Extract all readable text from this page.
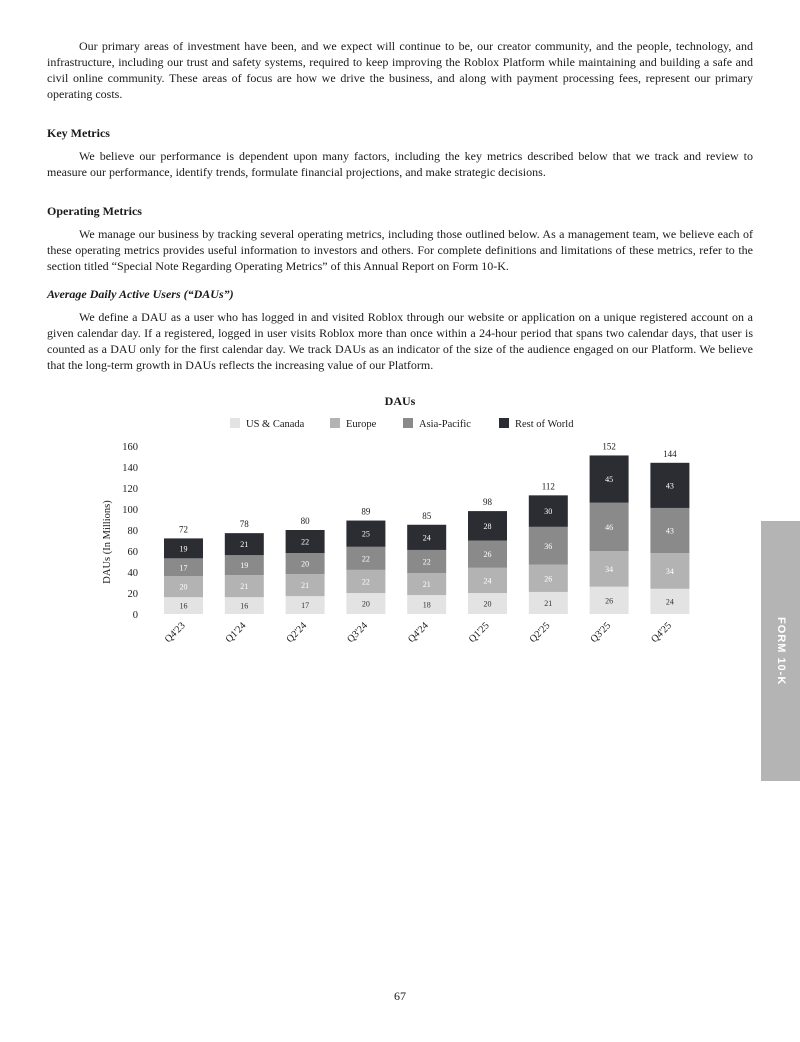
Our primary areas of investment have been, and we expect will continue to be, our creator community, and the people, technology, and infrastructure, including our trust and safety systems, required to keep improving the Roblox Platform while maintaining and building a safe and civil online community. These areas of focus are how we drive the business, and along with payment processing fees, represent our primary operating costs.

Key Metrics

We believe our performance is dependent upon many factors, including the key metrics described below that we track and review to measure our performance, identify trends, formulate financial projections, and make strategic decisions.

Operating Metrics

We manage our business by tracking several operating metrics, including those outlined below. As a management team, we believe each of these operating metrics provides useful information to investors and others. For complete definitions and limitations of these metrics, refer to the section titled “Special Note Regarding Operating Metrics” of this Annual Report on Form 10-K.

Average Daily Active Users (“DAUs”)

We define a DAU as a user who has logged in and visited Roblox through our website or application on a unique registered account on a given calendar day. If a registered, logged in user visits Roblox more than once within a 24-hour period that spans two calendar days, that user is counted as a DAU only for the first calendar day. We track DAUs as an indicator of the size of the audience engaged on our Platform. We believe that the long-term growth in DAUs reflects the increasing value of our Platform.

DAUs
US & Canada	Europe	Asia-Pacific	Rest of World
DAUs (In Millions)
0
20
40
60
80
100
120
140
160
16
20
17
19
72
Q4'23
16
21
19
21
78
Q1'24
17
21
20
22
80
Q2'24
20
22
22
25
89
Q3'24
18
21
22
24
85
Q4'24
20
24
26
28
98
Q1'25
21
26
36
30
112
Q2'25
26
34
46
45
152
Q3'25
24
34
43
43
144
Q4'25	FORM 10-K
67
